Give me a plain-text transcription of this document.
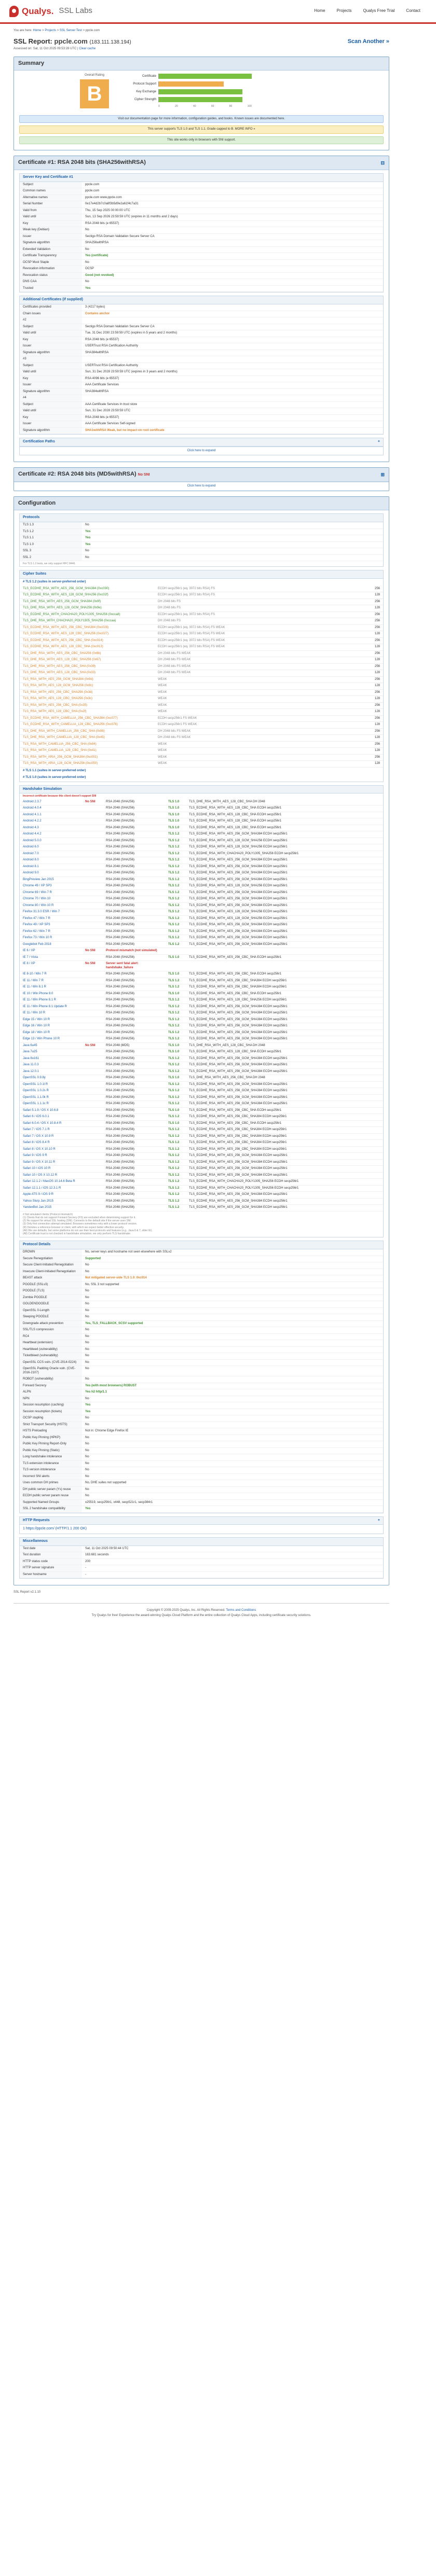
Qualys. SSL Labs	Home	Projects	Qualys Free Trial	Contact
You are here: Home > Projects > SSL Server Test > ppcle.com
SSL Report: ppcle.com (183.111.138.194)	Scan Another »
Assessed on: Sat, 11 Oct 2025 09:53:28 UTC | Clear cache
Summary
Overall Rating
B
Certificate
Protocol Support
Key Exchange
Cipher Strength
0	20	40	60	80	100
Visit our documentation page for more information, configuration guides, and books. Known issues are documented here.
This server supports TLS 1.0 and TLS 1.1. Grade capped to B. MORE INFO »
This site works only in browsers with SNI support.
Certificate #1: RSA 2048 bits (SHA256withRSA)	⊟
Server Key and Certificate #1
Subject	ppcle.com
Common names	ppcle.com
Alternative names	ppcle.com www.ppcle.com
Serial Number	0e17e4d2b7c0a8f3b5d9e2a61f4c7a31
Valid from	Thu, 15 Sep 2025 00:00:00 UTC
Valid until	Sun, 13 Sep 2026 23:59:59 UTC (expires in 11 months and 2 days)
Key	RSA 2048 bits (e 65537)
Weak key (Debian)	No
Issuer	Sectigo RSA Domain Validation Secure Server CA
Signature algorithm	SHA256withRSA
Extended Validation	No
Certificate Transparency	Yes (certificate)
OCSP Must Staple	No
Revocation information	OCSP
Revocation status	Good (not revoked)
DNS CAA	No
Trusted	Yes
Additional Certificates (if supplied)
Certificates provided	3 (4217 bytes)
Chain issues	Contains anchor
#2	
Subject	Sectigo RSA Domain Validation Secure Server CA
Valid until	Tue, 31 Dec 2030 23:59:59 UTC (expires in 5 years and 2 months)
Key	RSA 2048 bits (e 65537)
Issuer	USERTrust RSA Certification Authority
Signature algorithm	SHA384withRSA
#3	
Subject	USERTrust RSA Certification Authority
Valid until	Sun, 31 Dec 2028 23:59:59 UTC (expires in 3 years and 2 months)
Key	RSA 4096 bits (e 65537)
Issuer	AAA Certificate Services
Signature algorithm	SHA384withRSA
#4	
Subject	AAA Certificate Services In trust store
Valid until	Sun, 31 Dec 2028 23:59:59 UTC
Key	RSA 2048 bits (e 65537)
Issuer	AAA Certificate Services Self-signed
Signature algorithm	SHA1withRSA Weak, but no impact on root certificate
Certification Paths	+
Click here to expand
Certificate #2: RSA 2048 bits (MD5withRSA) No SNI	⊞
Click here to expand
Configuration
Protocols
TLS 1.3	No
TLS 1.2	Yes
TLS 1.1	Yes
TLS 1.0	Yes
SSL 3	No
SSL 2	No
For TLS 1.3 tests, we only support RFC 8446.
Cipher Suites
# TLS 1.2 (suites in server-preferred order)
TLS_ECDHE_RSA_WITH_AES_256_GCM_SHA384 (0xc030)	ECDH secp256r1 (eq. 3072 bits RSA) FS	256
TLS_ECDHE_RSA_WITH_AES_128_GCM_SHA256 (0xc02f)	ECDH secp256r1 (eq. 3072 bits RSA) FS	128
TLS_DHE_RSA_WITH_AES_256_GCM_SHA384 (0x9f)	DH 2048 bits FS	256
TLS_DHE_RSA_WITH_AES_128_GCM_SHA256 (0x9e)	DH 2048 bits FS	128
TLS_ECDHE_RSA_WITH_CHACHA20_POLY1305_SHA256 (0xcca8)	ECDH secp256r1 (eq. 3072 bits RSA) FS	256
TLS_DHE_RSA_WITH_CHACHA20_POLY1305_SHA256 (0xccaa)	DH 2048 bits FS	256
TLS_ECDHE_RSA_WITH_AES_256_CBC_SHA384 (0xc028)	ECDH secp256r1 (eq. 3072 bits RSA) FS WEAK	256
TLS_ECDHE_RSA_WITH_AES_128_CBC_SHA256 (0xc027)	ECDH secp256r1 (eq. 3072 bits RSA) FS WEAK	128
TLS_ECDHE_RSA_WITH_AES_256_CBC_SHA (0xc014)	ECDH secp256r1 (eq. 3072 bits RSA) FS WEAK	256
TLS_ECDHE_RSA_WITH_AES_128_CBC_SHA (0xc013)	ECDH secp256r1 (eq. 3072 bits RSA) FS WEAK	128
TLS_DHE_RSA_WITH_AES_256_CBC_SHA256 (0x6b)	DH 2048 bits FS WEAK	256
TLS_DHE_RSA_WITH_AES_128_CBC_SHA256 (0x67)	DH 2048 bits FS WEAK	128
TLS_DHE_RSA_WITH_AES_256_CBC_SHA (0x39)	DH 2048 bits FS WEAK	256
TLS_DHE_RSA_WITH_AES_128_CBC_SHA (0x33)	DH 2048 bits FS WEAK	128
TLS_RSA_WITH_AES_256_GCM_SHA384 (0x9d)	WEAK	256
TLS_RSA_WITH_AES_128_GCM_SHA256 (0x9c)	WEAK	128
TLS_RSA_WITH_AES_256_CBC_SHA256 (0x3d)	WEAK	256
TLS_RSA_WITH_AES_128_CBC_SHA256 (0x3c)	WEAK	128
TLS_RSA_WITH_AES_256_CBC_SHA (0x35)	WEAK	256
TLS_RSA_WITH_AES_128_CBC_SHA (0x2f)	WEAK	128
TLS_ECDHE_RSA_WITH_CAMELLIA_256_CBC_SHA384 (0xc077)	ECDH secp256r1 FS WEAK	256
TLS_ECDHE_RSA_WITH_CAMELLIA_128_CBC_SHA256 (0xc076)	ECDH secp256r1 FS WEAK	128
TLS_DHE_RSA_WITH_CAMELLIA_256_CBC_SHA (0x88)	DH 2048 bits FS WEAK	256
TLS_DHE_RSA_WITH_CAMELLIA_128_CBC_SHA (0x45)	DH 2048 bits FS WEAK	128
TLS_RSA_WITH_CAMELLIA_256_CBC_SHA (0x84)	WEAK	256
TLS_RSA_WITH_CAMELLIA_128_CBC_SHA (0x41)	WEAK	128
TLS_RSA_WITH_ARIA_256_GCM_SHA384 (0xc051)	WEAK	256
TLS_RSA_WITH_ARIA_128_GCM_SHA256 (0xc050)	WEAK	128
# TLS 1.1 (suites in server-preferred order)
# TLS 1.0 (suites in server-preferred order)
Handshake Simulation
Incorrect certificate because this client doesn't support SNI
Android 2.3.7	No SNI	RSA 2048 (SHA256)	TLS 1.0	TLS_DHE_RSA_WITH_AES_128_CBC_SHA DH 2048
Android 4.0.4		RSA 2048 (SHA256)	TLS 1.0	TLS_ECDHE_RSA_WITH_AES_128_CBC_SHA ECDH secp256r1
Android 4.1.1		RSA 2048 (SHA256)	TLS 1.0	TLS_ECDHE_RSA_WITH_AES_128_CBC_SHA ECDH secp256r1
Android 4.2.2		RSA 2048 (SHA256)	TLS 1.0	TLS_ECDHE_RSA_WITH_AES_128_CBC_SHA ECDH secp256r1
Android 4.3		RSA 2048 (SHA256)	TLS 1.0	TLS_ECDHE_RSA_WITH_AES_128_CBC_SHA ECDH secp256r1
Android 4.4.2		RSA 2048 (SHA256)	TLS 1.2	TLS_ECDHE_RSA_WITH_AES_256_GCM_SHA384 ECDH secp256r1
Android 5.0.0		RSA 2048 (SHA256)	TLS 1.2	TLS_ECDHE_RSA_WITH_AES_128_GCM_SHA256 ECDH secp256r1
Android 6.0		RSA 2048 (SHA256)	TLS 1.2	TLS_ECDHE_RSA_WITH_AES_128_GCM_SHA256 ECDH secp256r1
Android 7.0		RSA 2048 (SHA256)	TLS 1.2	TLS_ECDHE_RSA_WITH_CHACHA20_POLY1305_SHA256 ECDH secp256r1
Android 8.0		RSA 2048 (SHA256)	TLS 1.2	TLS_ECDHE_RSA_WITH_AES_256_GCM_SHA384 ECDH secp256r1
Android 8.1		RSA 2048 (SHA256)	TLS 1.2	TLS_ECDHE_RSA_WITH_AES_256_GCM_SHA384 ECDH secp256r1
Android 9.0		RSA 2048 (SHA256)	TLS 1.2	TLS_ECDHE_RSA_WITH_AES_256_GCM_SHA384 ECDH secp256r1
BingPreview Jan 2015		RSA 2048 (SHA256)	TLS 1.2	TLS_ECDHE_RSA_WITH_AES_256_GCM_SHA384 ECDH secp256r1
Chrome 49 / XP SP3		RSA 2048 (SHA256)	TLS 1.2	TLS_ECDHE_RSA_WITH_AES_128_GCM_SHA256 ECDH secp256r1
Chrome 69 / Win 7 R		RSA 2048 (SHA256)	TLS 1.2	TLS_ECDHE_RSA_WITH_AES_256_GCM_SHA384 ECDH secp256r1
Chrome 70 / Win 10		RSA 2048 (SHA256)	TLS 1.2	TLS_ECDHE_RSA_WITH_AES_256_GCM_SHA384 ECDH secp256r1
Chrome 80 / Win 10 R		RSA 2048 (SHA256)	TLS 1.2	TLS_ECDHE_RSA_WITH_AES_256_GCM_SHA384 ECDH secp256r1
Firefox 31.3.0 ESR / Win 7		RSA 2048 (SHA256)	TLS 1.2	TLS_ECDHE_RSA_WITH_AES_128_GCM_SHA256 ECDH secp256r1
Firefox 47 / Win 7 R		RSA 2048 (SHA256)	TLS 1.2	TLS_ECDHE_RSA_WITH_AES_128_GCM_SHA256 ECDH secp256r1
Firefox 49 / XP SP3		RSA 2048 (SHA256)	TLS 1.2	TLS_ECDHE_RSA_WITH_AES_256_GCM_SHA384 ECDH secp256r1
Firefox 62 / Win 7 R		RSA 2048 (SHA256)	TLS 1.2	TLS_ECDHE_RSA_WITH_AES_256_GCM_SHA384 ECDH secp256r1
Firefox 73 / Win 10 R		RSA 2048 (SHA256)	TLS 1.2	TLS_ECDHE_RSA_WITH_AES_256_GCM_SHA384 ECDH secp256r1
Googlebot Feb 2018		RSA 2048 (SHA256)	TLS 1.2	TLS_ECDHE_RSA_WITH_AES_256_GCM_SHA384 ECDH secp256r1
IE 6 / XP	No SNI	Protocol mismatch (not simulated)		
IE 7 / Vista		RSA 2048 (SHA256)	TLS 1.0	TLS_ECDHE_RSA_WITH_AES_256_CBC_SHA ECDH secp256r1
IE 8 / XP	No SNI	Server sent fatal alert: handshake_failure		
IE 8-10 / Win 7 R		RSA 2048 (SHA256)	TLS 1.0	TLS_ECDHE_RSA_WITH_AES_256_CBC_SHA ECDH secp256r1
IE 11 / Win 7 R		RSA 2048 (SHA256)	TLS 1.2	TLS_ECDHE_RSA_WITH_AES_256_CBC_SHA384 ECDH secp256r1
IE 11 / Win 8.1 R		RSA 2048 (SHA256)	TLS 1.2	TLS_ECDHE_RSA_WITH_AES_256_CBC_SHA384 ECDH secp256r1
IE 10 / Win Phone 8.0		RSA 2048 (SHA256)	TLS 1.0	TLS_ECDHE_RSA_WITH_AES_256_CBC_SHA ECDH secp256r1
IE 11 / Win Phone 8.1 R		RSA 2048 (SHA256)	TLS 1.2	TLS_ECDHE_RSA_WITH_AES_128_CBC_SHA256 ECDH secp256r1
IE 11 / Win Phone 8.1 Update R		RSA 2048 (SHA256)	TLS 1.2	TLS_ECDHE_RSA_WITH_AES_256_GCM_SHA384 ECDH secp256r1
IE 11 / Win 10 R		RSA 2048 (SHA256)	TLS 1.2	TLS_ECDHE_RSA_WITH_AES_256_GCM_SHA384 ECDH secp256r1
Edge 15 / Win 10 R		RSA 2048 (SHA256)	TLS 1.2	TLS_ECDHE_RSA_WITH_AES_256_GCM_SHA384 ECDH secp256r1
Edge 16 / Win 10 R		RSA 2048 (SHA256)	TLS 1.2	TLS_ECDHE_RSA_WITH_AES_256_GCM_SHA384 ECDH secp256r1
Edge 18 / Win 10 R		RSA 2048 (SHA256)	TLS 1.2	TLS_ECDHE_RSA_WITH_AES_256_GCM_SHA384 ECDH secp256r1
Edge 13 / Win Phone 10 R		RSA 2048 (SHA256)	TLS 1.2	TLS_ECDHE_RSA_WITH_AES_256_GCM_SHA384 ECDH secp256r1
Java 6u45	No SNI	RSA 2048 (MD5)	TLS 1.0	TLS_DHE_RSA_WITH_AES_128_CBC_SHA DH 2048
Java 7u25		RSA 2048 (SHA256)	TLS 1.0	TLS_ECDHE_RSA_WITH_AES_128_CBC_SHA ECDH secp256r1
Java 8u161		RSA 2048 (SHA256)	TLS 1.2	TLS_ECDHE_RSA_WITH_AES_256_GCM_SHA384 ECDH secp256r1
Java 11.0.3		RSA 2048 (SHA256)	TLS 1.2	TLS_ECDHE_RSA_WITH_AES_256_GCM_SHA384 ECDH secp256r1
Java 12.0.1		RSA 2048 (SHA256)	TLS 1.2	TLS_ECDHE_RSA_WITH_AES_256_GCM_SHA384 ECDH secp256r1
OpenSSL 0.9.8y		RSA 2048 (SHA256)	TLS 1.0	TLS_DHE_RSA_WITH_AES_256_CBC_SHA DH 2048
OpenSSL 1.0.1l R		RSA 2048 (SHA256)	TLS 1.2	TLS_ECDHE_RSA_WITH_AES_256_GCM_SHA384 ECDH secp256r1
OpenSSL 1.0.2s R		RSA 2048 (SHA256)	TLS 1.2	TLS_ECDHE_RSA_WITH_AES_256_GCM_SHA384 ECDH secp256r1
OpenSSL 1.1.0k R		RSA 2048 (SHA256)	TLS 1.2	TLS_ECDHE_RSA_WITH_AES_256_GCM_SHA384 ECDH secp256r1
OpenSSL 1.1.1c R		RSA 2048 (SHA256)	TLS 1.2	TLS_ECDHE_RSA_WITH_AES_256_GCM_SHA384 ECDH secp256r1
Safari 5.1.9 / OS X 10.6.8		RSA 2048 (SHA256)	TLS 1.0	TLS_ECDHE_RSA_WITH_AES_256_CBC_SHA ECDH secp256r1
Safari 6 / iOS 6.0.1		RSA 2048 (SHA256)	TLS 1.2	TLS_ECDHE_RSA_WITH_AES_256_CBC_SHA384 ECDH secp256r1
Safari 6.0.4 / OS X 10.8.4 R		RSA 2048 (SHA256)	TLS 1.0	TLS_ECDHE_RSA_WITH_AES_256_CBC_SHA ECDH secp256r1
Safari 7 / iOS 7.1 R		RSA 2048 (SHA256)	TLS 1.2	TLS_ECDHE_RSA_WITH_AES_256_CBC_SHA384 ECDH secp256r1
Safari 7 / OS X 10.9 R		RSA 2048 (SHA256)	TLS 1.2	TLS_ECDHE_RSA_WITH_AES_256_CBC_SHA384 ECDH secp256r1
Safari 8 / iOS 8.4 R		RSA 2048 (SHA256)	TLS 1.2	TLS_ECDHE_RSA_WITH_AES_256_CBC_SHA384 ECDH secp256r1
Safari 8 / OS X 10.10 R		RSA 2048 (SHA256)	TLS 1.2	TLS_ECDHE_RSA_WITH_AES_256_CBC_SHA384 ECDH secp256r1
Safari 9 / iOS 9 R		RSA 2048 (SHA256)	TLS 1.2	TLS_ECDHE_RSA_WITH_AES_256_GCM_SHA384 ECDH secp256r1
Safari 9 / OS X 10.11 R		RSA 2048 (SHA256)	TLS 1.2	TLS_ECDHE_RSA_WITH_AES_256_GCM_SHA384 ECDH secp256r1
Safari 10 / iOS 10 R		RSA 2048 (SHA256)	TLS 1.2	TLS_ECDHE_RSA_WITH_AES_256_GCM_SHA384 ECDH secp256r1
Safari 10 / OS X 10.12 R		RSA 2048 (SHA256)	TLS 1.2	TLS_ECDHE_RSA_WITH_AES_256_GCM_SHA384 ECDH secp256r1
Safari 12.1.2 / MacOS 10.14.6 Beta R		RSA 2048 (SHA256)	TLS 1.2	TLS_ECDHE_RSA_WITH_CHACHA20_POLY1305_SHA256 ECDH secp256r1
Safari 12.1.1 / iOS 12.3.1 R		RSA 2048 (SHA256)	TLS 1.2	TLS_ECDHE_RSA_WITH_CHACHA20_POLY1305_SHA256 ECDH secp256r1
Apple ATS 9 / iOS 9 R		RSA 2048 (SHA256)	TLS 1.2	TLS_ECDHE_RSA_WITH_AES_256_GCM_SHA384 ECDH secp256r1
Yahoo Slurp Jan 2015		RSA 2048 (SHA256)	TLS 1.2	TLS_ECDHE_RSA_WITH_AES_256_GCM_SHA384 ECDH secp256r1
YandexBot Jan 2015		RSA 2048 (SHA256)	TLS 1.2	TLS_ECDHE_RSA_WITH_AES_256_GCM_SHA384 ECDH secp256r1
# Not simulated clients (Protocol mismatch)
(1) Clients that do not support Forward Secrecy (FS) are excluded when determining support for it.
(2) No support for virtual SSL hosting (SNI). Connects to the default site if the server uses SNI.
(3) Only first connection attempt simulated. Browsers sometimes retry with a lower protocol version.
(R) Denotes a reference browser or client, with which we expect better effective security.
(All) We use defaults, but some platforms do not use their best protocols and features (e.g., Java 6 & 7, older IE).
(All) Certificate trust is not checked in handshake simulation, we only perform TLS handshake.
Protocol Details
DROWN	No, server keys and hostname not seen elsewhere with SSLv2
Secure Renegotiation	Supported
Secure Client-Initiated Renegotiation	No
Insecure Client-Initiated Renegotiation	No
BEAST attack	Not mitigated server-side TLS 1.0: 0xc014
POODLE (SSLv3)	No, SSL 3 not supported
POODLE (TLS)	No
Zombie POODLE	No
GOLDENDOODLE	No
OpenSSL 0-Length	No
Sleeping POODLE	No
Downgrade attack prevention	Yes, TLS_FALLBACK_SCSV supported
SSL/TLS compression	No
RC4	No
Heartbeat (extension)	No
Heartbleed (vulnerability)	No
Ticketbleed (vulnerability)	No
OpenSSL CCS vuln. (CVE-2014-0224)	No
OpenSSL Padding Oracle vuln. (CVE-2016-2107)	No
ROBOT (vulnerability)	No
Forward Secrecy	Yes (with most browsers) ROBUST
ALPN	Yes h2 http/1.1
NPN	No
Session resumption (caching)	Yes
Session resumption (tickets)	Yes
OCSP stapling	No
Strict Transport Security (HSTS)	No
HSTS Preloading	Not in: Chrome Edge Firefox IE
Public Key Pinning (HPKP)	No
Public Key Pinning Report-Only	No
Public Key Pinning (Static)	No
Long handshake intolerance	No
TLS extension intolerance	No
TLS version intolerance	No
Incorrect SNI alerts	No
Uses common DH primes	No, DHE suites not supported
DH public server param (Ys) reuse	No
ECDH public server param reuse	No
Supported Named Groups	x25519, secp256r1, x448, secp521r1, secp384r1
SSL 2 handshake compatibility	Yes
HTTP Requests	+
1 https://ppcle.com/ (HTTP/1.1 200 OK)
Miscellaneous
Test date	Sat, 11 Oct 2025 09:50:44 UTC
Test duration	163.681 seconds
HTTP status code	200
HTTP server signature	-
Server hostname	-
SSL Report v2.1.10
Copyright © 2009-2025 Qualys, Inc. All Rights Reserved. Terms and Conditions
Try Qualys for free! Experience the award-winning Qualys Cloud Platform and the entire collection of Qualys Cloud Apps, including certificate security solutions.
